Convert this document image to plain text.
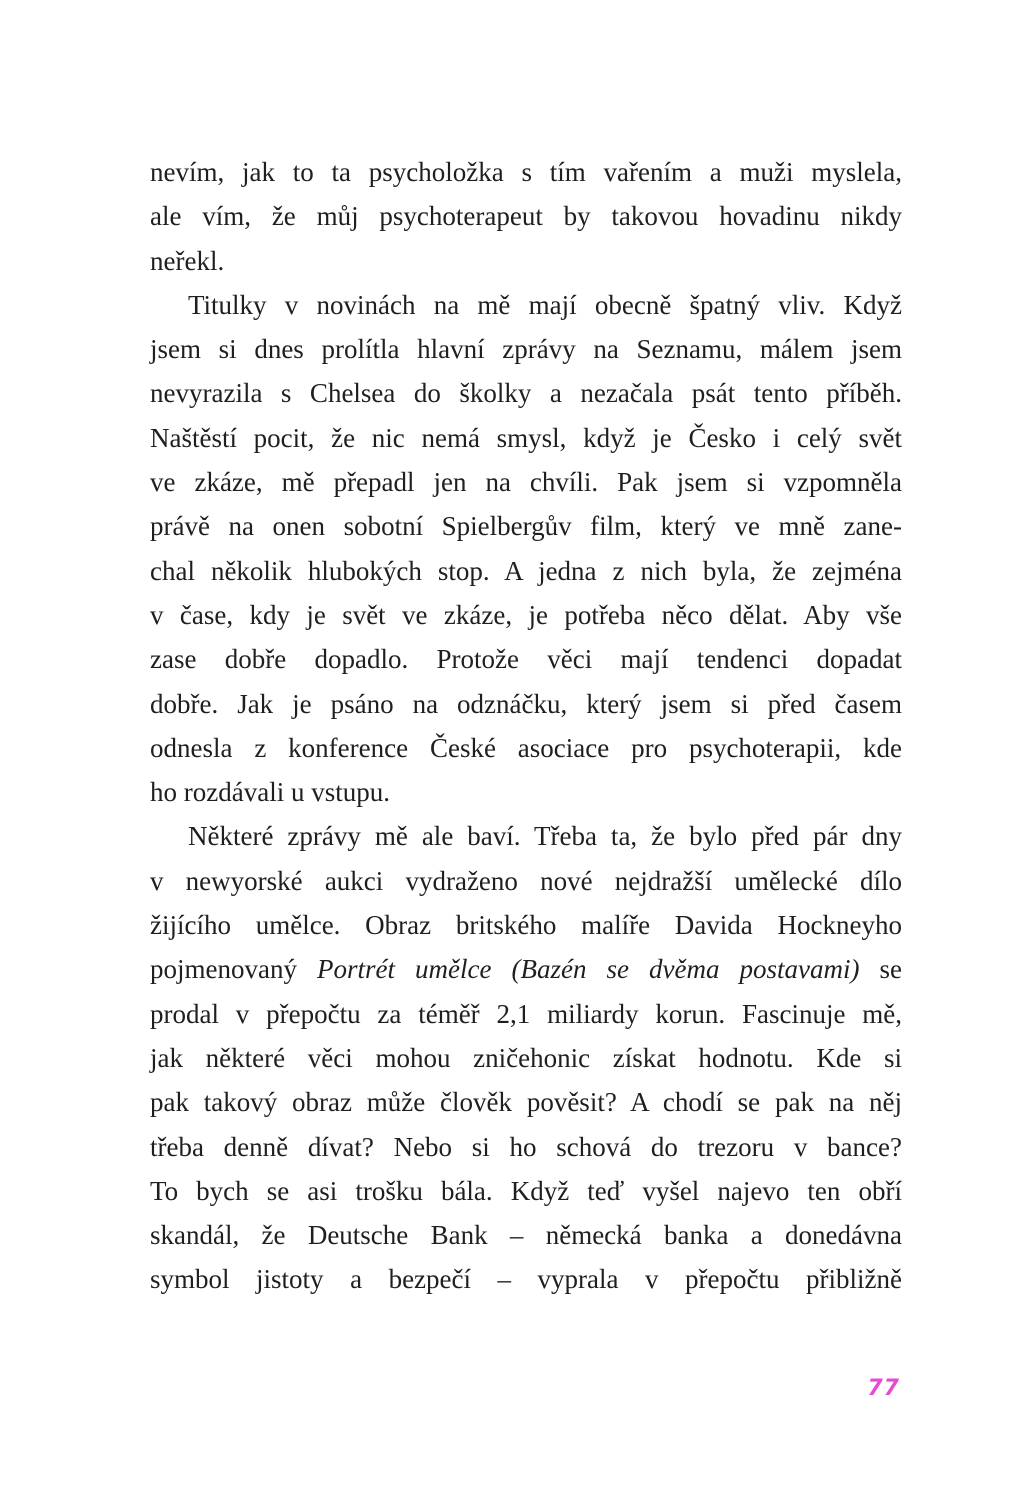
nevím, jak to ta psycholožka s tím vařením a muži myslela,
ale vím, že můj psychoterapeut by takovou hovadinu nikdy
neřekl.
Titulky v novinách na mě mají obecně špatný vliv. Když
jsem si dnes prolítla hlavní zprávy na Seznamu, málem jsem
nevyrazila s Chelsea do školky a nezačala psát tento příběh.
Naštěstí pocit, že nic nemá smysl, když je Česko i celý svět
ve zkáze, mě přepadl jen na chvíli. Pak jsem si vzpomněla
právě na onen sobotní Spielbergův film, který ve mně zane-
chal několik hlubokých stop. A jedna z nich byla, že zejména
v čase, kdy je svět ve zkáze, je potřeba něco dělat. Aby vše
zase dobře dopadlo. Protože věci mají tendenci dopadat
dobře. Jak je psáno na odznáčku, který jsem si před časem
odnesla z konference České asociace pro psychoterapii, kde
ho rozdávali u vstupu.
Některé zprávy mě ale baví. Třeba ta, že bylo před pár dny
v newyorské aukci vydraženo nové nejdražší umělecké dílo
žijícího umělce. Obraz britského malíře Davida Hockneyho
pojmenovaný Portrét umělce (Bazén se dvěma postavami) se
prodal v přepočtu za téměř 2,1 miliardy korun. Fascinuje mě,
jak některé věci mohou zničehonic získat hodnotu. Kde si
pak takový obraz může člověk pověsit? A chodí se pak na něj
třeba denně dívat? Nebo si ho schová do trezoru v bance?
To bych se asi trošku bála. Když teď vyšel najevo ten obří
skandál, že Deutsche Bank – německá banka a donedávna
symbol jistoty a bezpečí – vyprala v přepočtu přibližně
77
